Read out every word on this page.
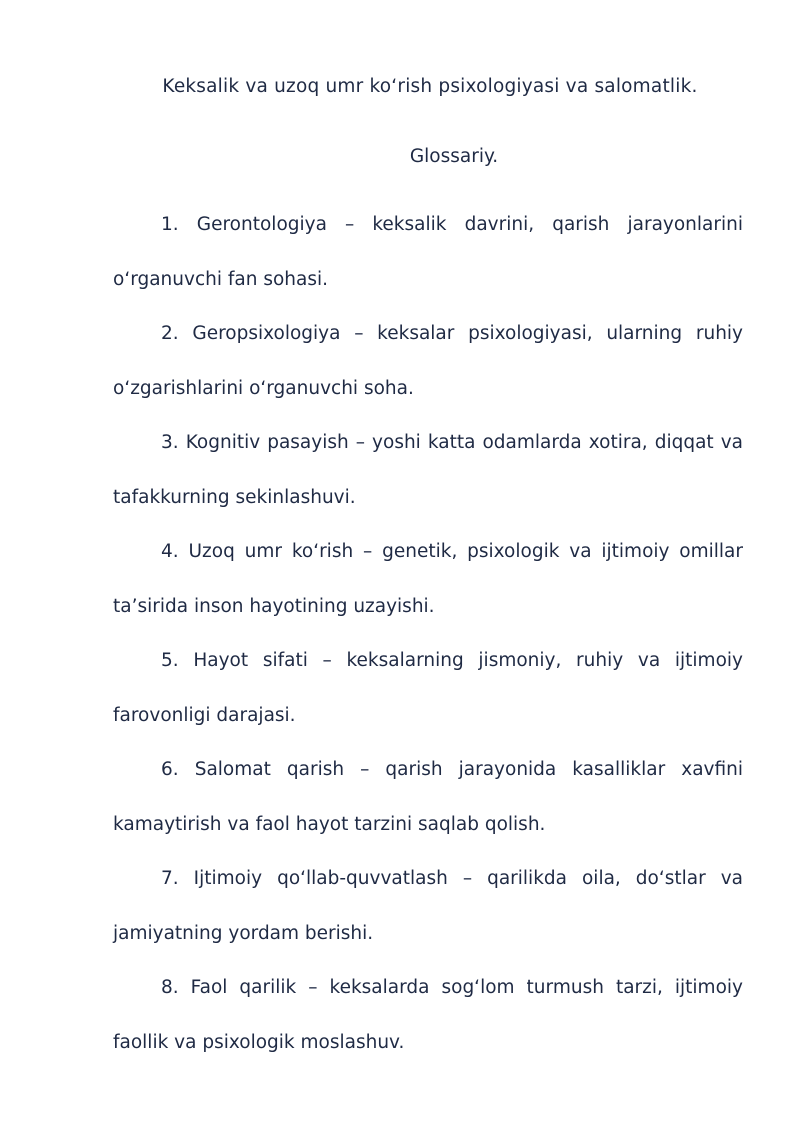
Keksalik va uzoq umr ko‘rish psixologiyasi va salomatlik.
Glossariy.
1. Gerontologiya – keksalik davrini, qarish jarayonlarini
o‘rganuvchi fan sohasi.
2. Geropsixologiya – keksalar psixologiyasi, ularning ruhiy
o‘zgarishlarini o‘rganuvchi soha.
3. Kognitiv pasayish – yoshi katta odamlarda xotira, diqqat va
tafakkurning sekinlashuvi.
4. Uzoq umr ko‘rish – genetik, psixologik va ijtimoiy omillar
ta’sirida inson hayotining uzayishi.
5. Hayot sifati – keksalarning jismoniy, ruhiy va ijtimoiy
farovonligi darajasi.
6. Salomat qarish – qarish jarayonida kasalliklar xavfini
kamaytirish va faol hayot tarzini saqlab qolish.
7. Ijtimoiy qo‘llab-quvvatlash – qarilikda oila, do‘stlar va
jamiyatning yordam berishi.
8. Faol qarilik – keksalarda sog‘lom turmush tarzi, ijtimoiy
faollik va psixologik moslashuv.
